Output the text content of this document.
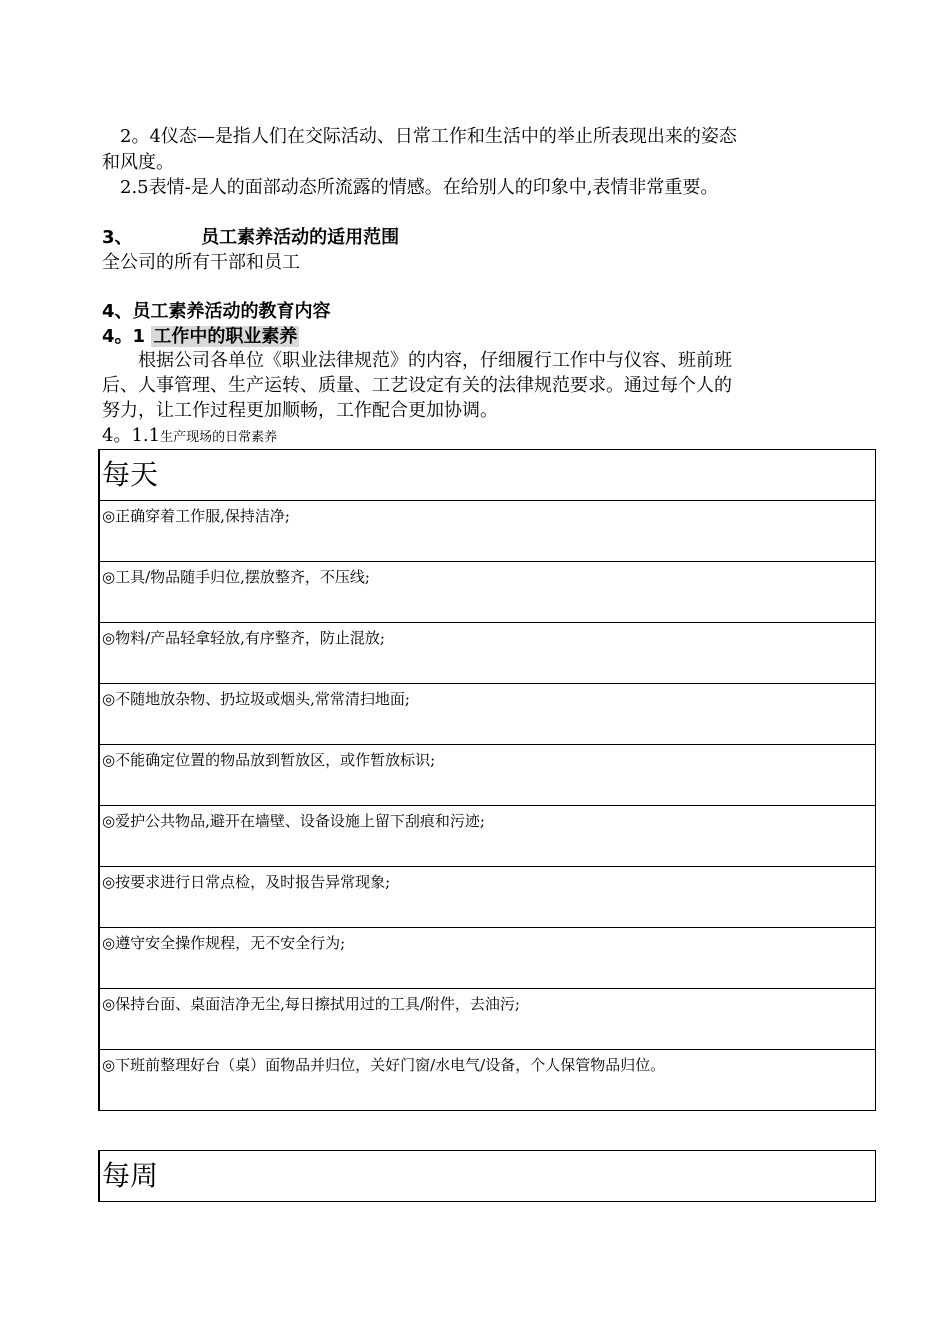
　2。4仪态—是指人们在交际活动、日常工作和生活中的举止所表现出来的姿态
和风度。
　2.5表情-是人的面部动态所流露的情感。在给别人的印象中,表情非常重要。
3、	员工素养活动的适用范围
全公司的所有干部和员工
4、员工素养活动的教育内容
4。1 工作中的职业素养
　　根据公司各单位《职业法律规范》的内容，仔细履行工作中与仪容、班前班
后、人事管理、生产运转、质量、工艺设定有关的法律规范要求。通过每个人的
努力，让工作过程更加顺畅，工作配合更加协调。
4。1.1生产现场的日常素养
每天
◎正确穿着工作服,保持洁净;
◎工具/物品随手归位,摆放整齐，不压线;
◎物料/产品轻拿轻放,有序整齐，防止混放;
◎不随地放杂物、扔垃圾或烟头,常常清扫地面;
◎不能确定位置的物品放到暂放区，或作暂放标识;
◎爱护公共物品,避开在墙壁、设备设施上留下刮痕和污迹;
◎按要求进行日常点检，及时报告异常现象;
◎遵守安全操作规程，无不安全行为;
◎保持台面、桌面洁净无尘,每日擦拭用过的工具/附件，去油污;
◎下班前整理好台（桌）面物品并归位，关好门窗/水电气/设备，个人保管物品归位。
每周
